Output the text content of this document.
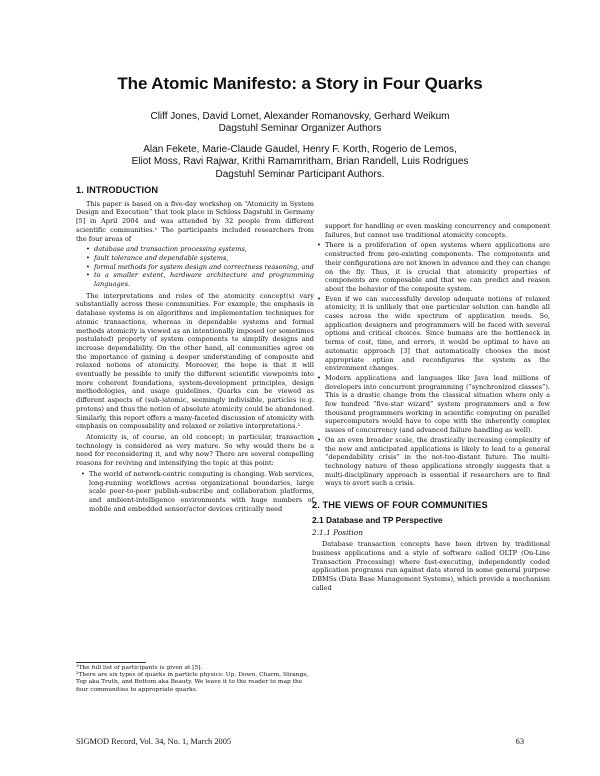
The Atomic Manifesto: a Story in Four Quarks
Cliff Jones, David Lomet, Alexander Romanovsky, Gerhard Weikum
Dagstuhl Seminar Organizer Authors
Alan Fekete, Marie-Claude Gaudel, Henry F. Korth, Rogerio de Lemos,
Eliot Moss, Ravi Rajwar, Krithi Ramamritham, Brian Randell, Luis Rodrigues
Dagstuhl Seminar Participant Authors.
1. INTRODUCTION

This paper is based on a five-day workshop on “Atomicity in System Design and Execution” that took place in Schloss Dagstuhl in Germany [5] in April 2004 and was attended by 32 people from different scientific communities.¹ The participants included researchers from the four areas of

• database and transaction processing systems,
• fault tolerance and dependable systems,
• formal methods for system design and correctness reasoning, and
• to a smaller extent, hardware architecture and programming languages.

The interpretations and roles of the atomicity concept(s) vary substantially across these communities. For example, the emphasis in database systems is on algorithms and implementation techniques for atomic transactions, whereas in dependable systems and formal methods atomicity is viewed as an intentionally imposed (or sometimes postulated) property of system components to simplify designs and increase dependability. On the other hand, all communities agree on the importance of gaining a deeper understanding of composite and relaxed notions of atomicity. Moreover, the hope is that it will eventually be possible to unify the different scientific viewpoints into more coherent foundations, system-development principles, design methodologies, and usage guidelines. Quarks can be viewed as different aspects of (sub-)atomic, seemingly indivisible, particles (e.g. protons) and thus the notion of absolute atomicity could be abandoned. Similarly, this report offers a many-faceted discussion of atomicity with emphasis on composability and relaxed or relative interpretations.²

Atomicity is, of course, an old concept; in particular, transaction technology is considered as very mature. So why would there be a need for reconsidering it, and why now? There are several compelling reasons for reviving and intensifying the topic at this point:

• The world of network-centric computing is changing. Web services, long-running workflows across organizational boundaries, large scale peer-to-peer publish-subscribe and collaboration platforms, and ambient-intelligence environments with huge numbers of mobile and embedded sensor/actor devices critically need
¹The full list of participants is given at [5].
²There are six types of quarks in particle physics: Up, Down, Charm, Strange, Top aka Truth, and Bottom aka Beauty. We leave it to the reader to map the four communities to appropriate quarks.
support for handling or even masking concurrency and component failures, but cannot use traditional atomicity concepts.
• There is a proliferation of open systems where applications are constructed from pre-existing components. The components and their configurations are not known in advance and they can change on the fly. Thus, it is crucial that atomicity properties of components are composable and that we can predict and reason about the behavior of the composite system.
• Even if we can successfully develop adequate notions of relaxed atomicity, it is unlikely that one particular solution can handle all cases across the wide spectrum of application needs. So, application designers and programmers will be faced with several options and critical choices. Since humans are the bottleneck in terms of cost, time, and errors, it would be optimal to have an automatic approach [3] that automatically chooses the most appropriate option and reconfigures the system as the environment changes.
• Modern applications and languages like Java lead millions of developers into concurrent programming (“synchronized classes”). This is a drastic change from the classical situation where only a few hundred “five-star wizard” system programmers and a few thousand programmers working in scientific computing on parallel supercomputers would have to cope with the inherently complex issues of concurrency (and advanced failure handling as well).
• On an even broader scale, the drastically increasing complexity of the new and anticipated applications is likely to lead to a general “dependability crisis” in the not-too-distant future. The multi-technology nature of these applications strongly suggests that a multi-disciplinary approach is essential if researchers are to find ways to avert such a crisis.
2. THE VIEWS OF FOUR COMMUNITIES
2.1 Database and TP Perspective
2.1.1 Position

Database transaction concepts have been driven by traditional business applications and a style of software called OLTP (On-Line Transaction Processing) where fast-executing, independently coded application programs run against data stored in some general purpose DBMSs (Data Base Management Systems), which provide a mechanism called

SIGMOD Record, Vol. 34, No. 1, March 2005	63
